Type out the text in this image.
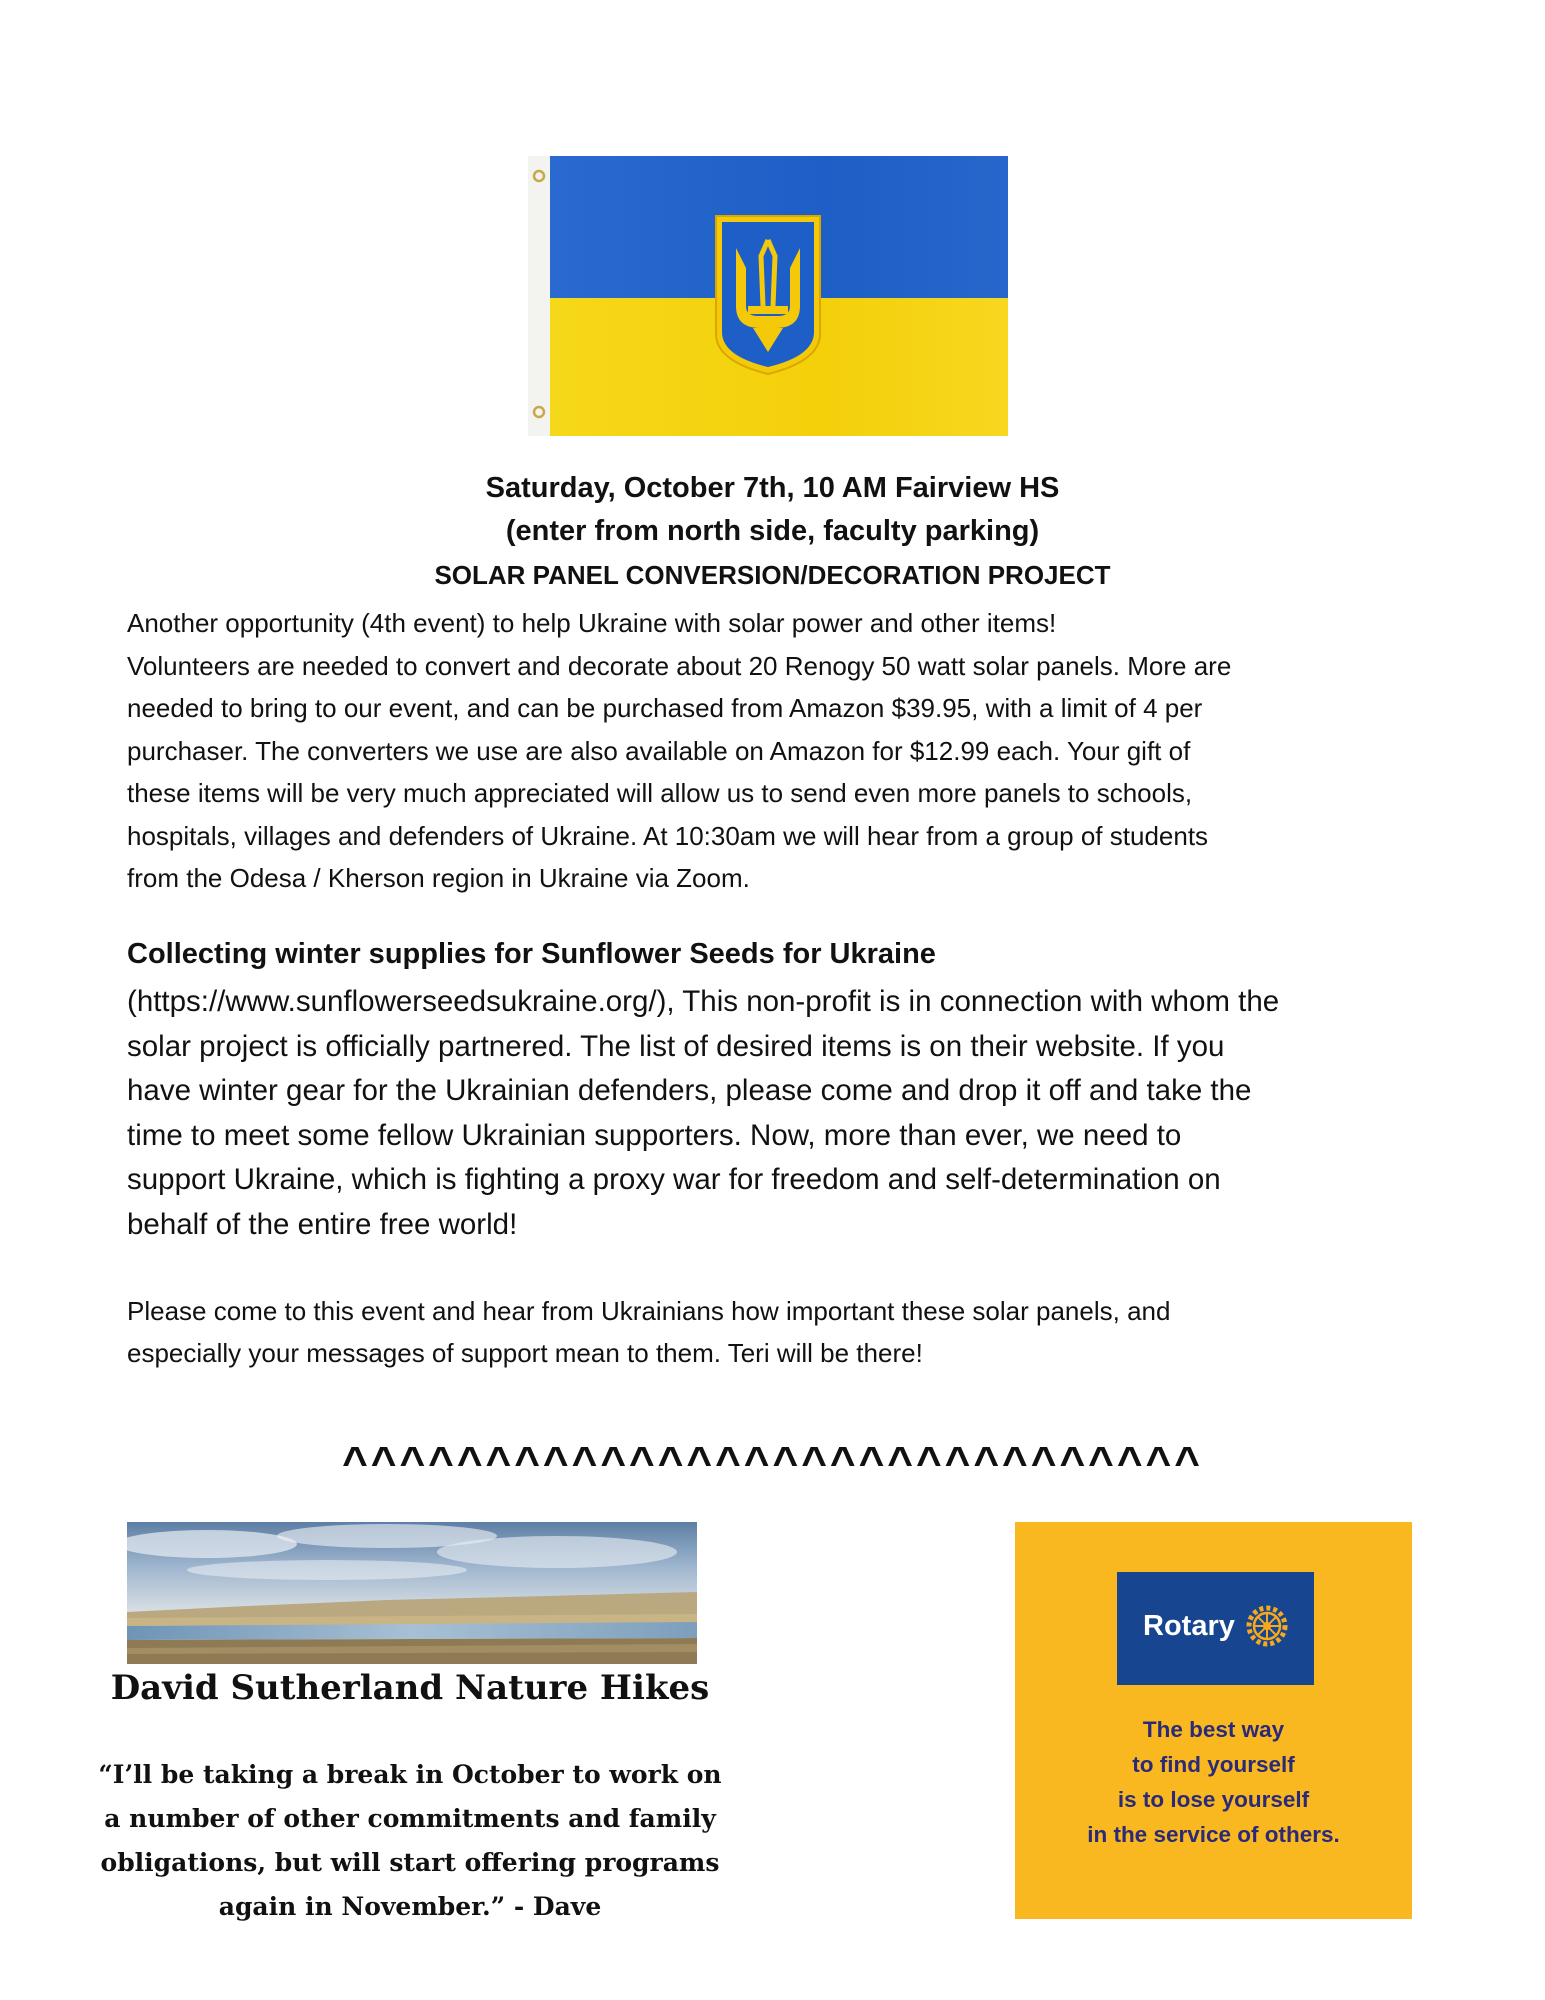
Saturday, October 7th, 10 AM Fairview HS
(enter from north side, faculty parking)
SOLAR PANEL CONVERSION/DECORATION PROJECT
Another opportunity (4th event) to help Ukraine with solar power and other items!
Volunteers are needed to convert and decorate about 20 Renogy 50 watt solar panels. More are
needed to bring to our event, and can be purchased from Amazon $39.95, with a limit of 4 per
purchaser. The converters we use are also available on Amazon for $12.99 each. Your gift of
these items will be very much appreciated will allow us to send even more panels to schools,
hospitals, villages and defenders of Ukraine. At 10:30am we will hear from a group of students
from the Odesa / Kherson region in Ukraine via Zoom.
Collecting winter supplies for Sunflower Seeds for Ukraine
(https://www.sunflowerseedsukraine.org/), This non-profit is in connection with whom the
solar project is officially partnered. The list of desired items is on their website. If you
have winter gear for the Ukrainian defenders, please come and drop it off and take the
time to meet some fellow Ukrainian supporters. Now, more than ever, we need to
support Ukraine, which is fighting a proxy war for freedom and self-determination on
behalf of the entire free world!
Please come to this event and hear from Ukrainians how important these solar panels, and
especially your messages of support mean to them. Teri will be there!
^^^^^^^^^^^^^^^^^^^^^^^^^^^^^^
David Sutherland Nature Hikes
“I’ll be taking a break in October to work on
a number of other commitments and family
obligations, but will start offering programs
again in November.” - Dave
Rotary
The best way
to find yourself
is to lose yourself
in the service of others.
